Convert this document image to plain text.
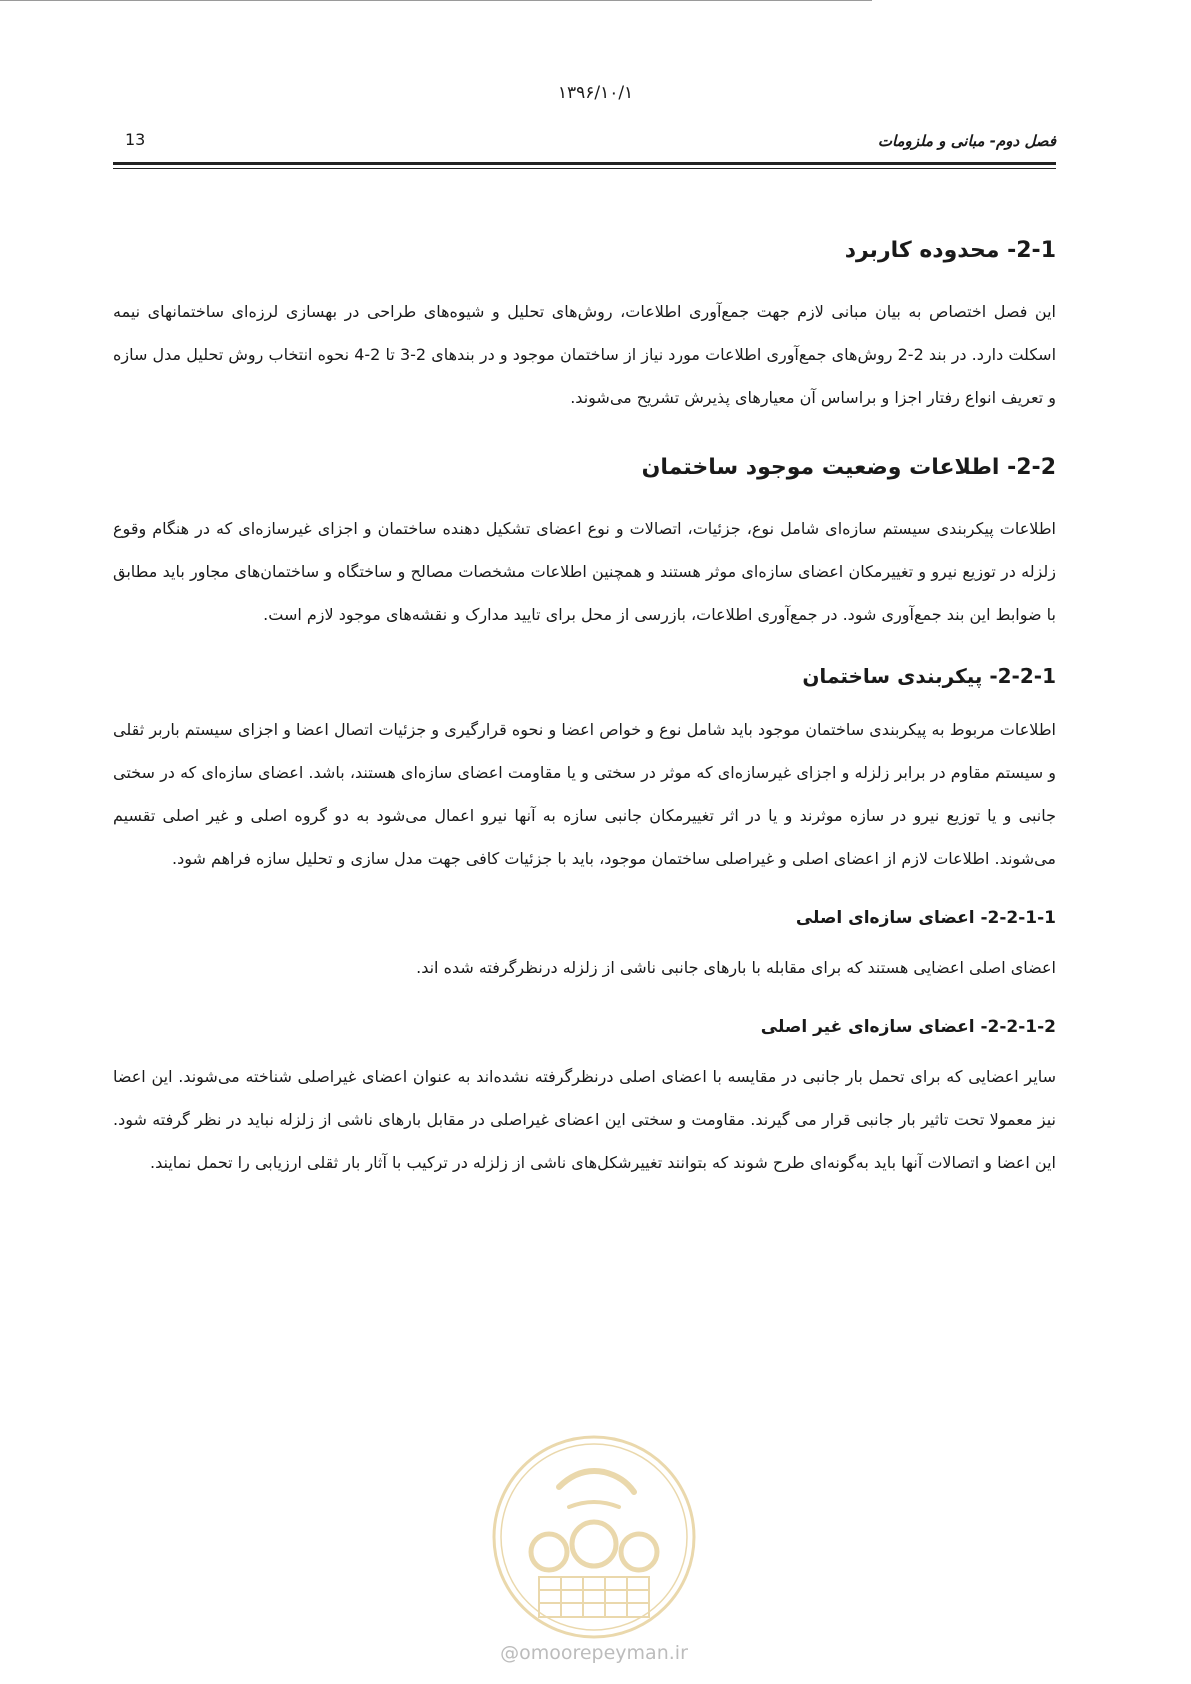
۱۳۹۶/۱۰/۱
13	فصل دوم- مبانی و ملزومات
2-1- محدوده کاربرد

این فصل اختصاص به بیان مبانی لازم جهت جمع‌آوری اطلاعات، روش‌های تحلیل و شیوه‌های طراحی در بهسازی لرزه‌ای ساختمانهای نیمه اسکلت دارد. در بند 2-2 روش‌های جمع‌آوری اطلاعات مورد نیاز از ساختمان موجود و در بندهای 2-3 تا 2-4 نحوه انتخاب روش تحلیل مدل سازه و تعریف انواع رفتار اجزا و براساس آن معیارهای پذیرش تشریح می‌شوند.

2-2- اطلاعات وضعیت موجود ساختمان

اطلاعات پیکربندی سیستم سازه‌ای شامل نوع، جزئیات، اتصالات و نوع اعضای تشکیل دهنده ساختمان و اجزای غیرسازه‌ای که در هنگام وقوع زلزله در توزیع نیرو و تغییرمکان اعضای سازه‌ای موثر هستند و همچنین اطلاعات مشخصات مصالح و ساختگاه و ساختمان‌های مجاور باید مطابق با ضوابط این بند جمع‌آوری شود. در جمع‌آوری اطلاعات، بازرسی از محل برای تایید مدارک و نقشه‌های موجود لازم است.

2-2-1- پیکربندی ساختمان

اطلاعات مربوط به پیکربندی ساختمان موجود باید شامل نوع و خواص اعضا و نحوه قرارگیری و جزئیات اتصال اعضا و اجزای سیستم باربر ثقلی و سیستم مقاوم در برابر زلزله و اجزای غیرسازه‌ای که موثر در سختی و یا مقاومت اعضای سازه‌ای هستند، باشد. اعضای سازه‌ای که در سختی جانبی و یا توزیع نیرو در سازه موثرند و یا در اثر تغییرمکان جانبی سازه به آنها نیرو اعمال می‌شود به دو گروه اصلی و غیر اصلی تقسیم می‌شوند. اطلاعات لازم از اعضای اصلی و غیراصلی ساختمان موجود، باید با جزئیات کافی جهت مدل سازی و تحلیل سازه فراهم شود.

2-2-1-1- اعضای سازه‌ای اصلی

اعضای اصلی اعضایی هستند که برای مقابله با بارهای جانبی ناشی از زلزله درنظرگرفته شده اند.

2-2-1-2- اعضای سازه‌ای غیر اصلی

سایر اعضایی که برای تحمل بار جانبی در مقایسه با اعضای اصلی درنظرگرفته نشده‌اند به عنوان اعضای غیراصلی شناخته می‌شوند. این اعضا نیز معمولا تحت تاثیر بار جانبی قرار می گیرند. مقاومت و سختی این اعضای غیراصلی در مقابل بارهای ناشی از زلزله نباید در نظر گرفته شود. این اعضا و اتصالات آنها باید به‌گونه‌ای طرح شوند که بتوانند تغییرشکل‌های ناشی از زلزله در ترکیب با آثار بار ثقلی ارزیابی را تحمل نمایند.

@omoorepeyman.ir
